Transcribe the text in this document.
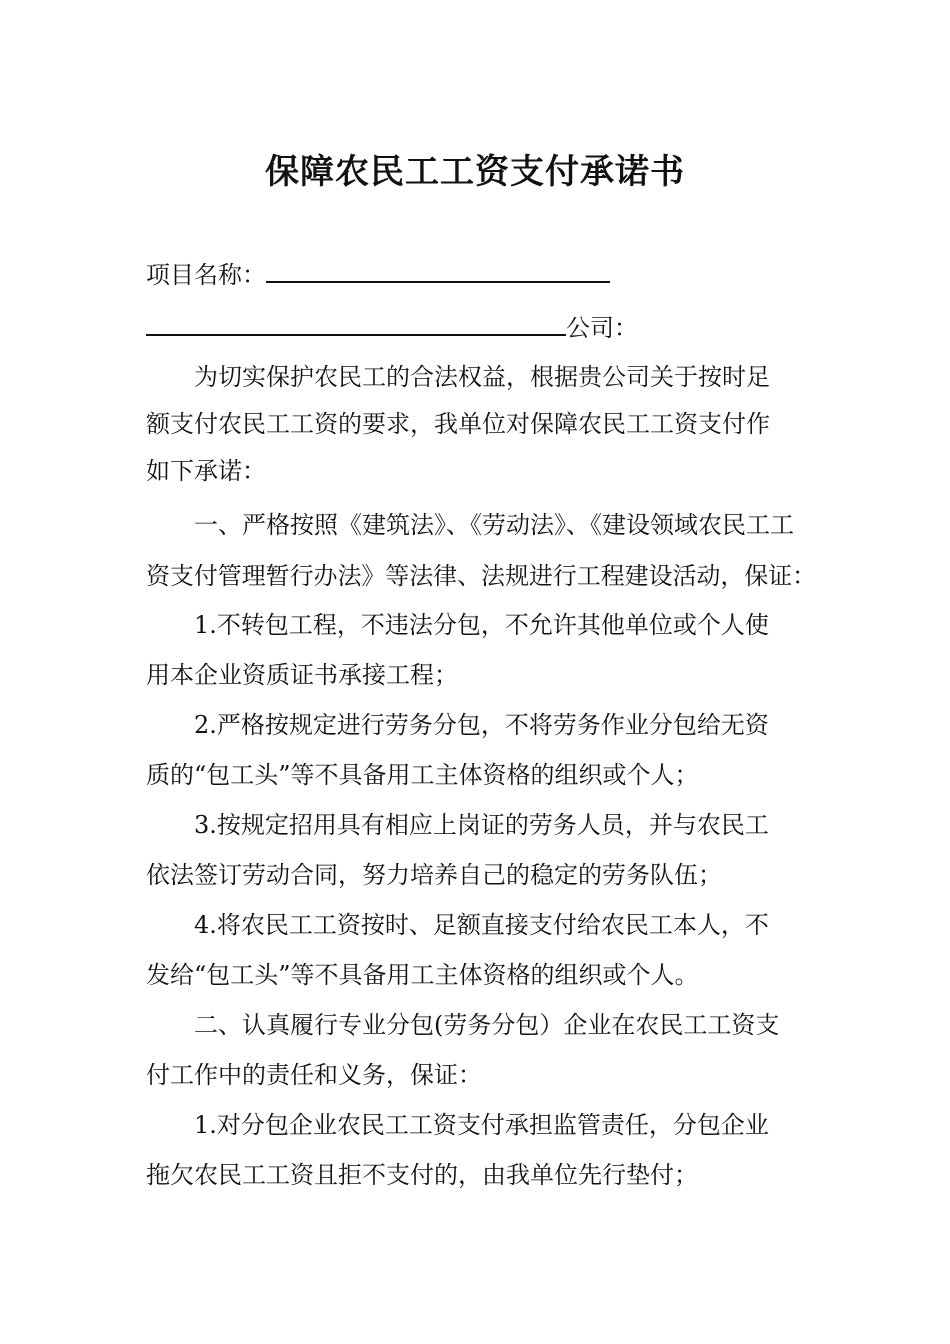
保障农民工工资支付承诺书

项目名称：

公司：

为切实保护农民工的合法权益，根据贵公司关于按时足

额支付农民工工资的要求，我单位对保障农民工工资支付作

如下承诺：

一、严格按照《建筑法》、《劳动法》、《建设领域农民工工

资支付管理暂行办法》等法律、法规进行工程建设活动，保证：

1.不转包工程，不违法分包，不允许其他单位或个人使

用本企业资质证书承接工程；

2.严格按规定进行劳务分包，不将劳务作业分包给无资

质的“包工头”等不具备用工主体资格的组织或个人；

3.按规定招用具有相应上岗证的劳务人员，并与农民工

依法签订劳动合同，努力培养自己的稳定的劳务队伍；

4.将农民工工资按时、足额直接支付给农民工本人，不

发给“包工头”等不具备用工主体资格的组织或个人。

二、认真履行专业分包(劳务分包）企业在农民工工资支

付工作中的责任和义务，保证：

1.对分包企业农民工工资支付承担监管责任，分包企业

拖欠农民工工资且拒不支付的，由我单位先行垫付；
